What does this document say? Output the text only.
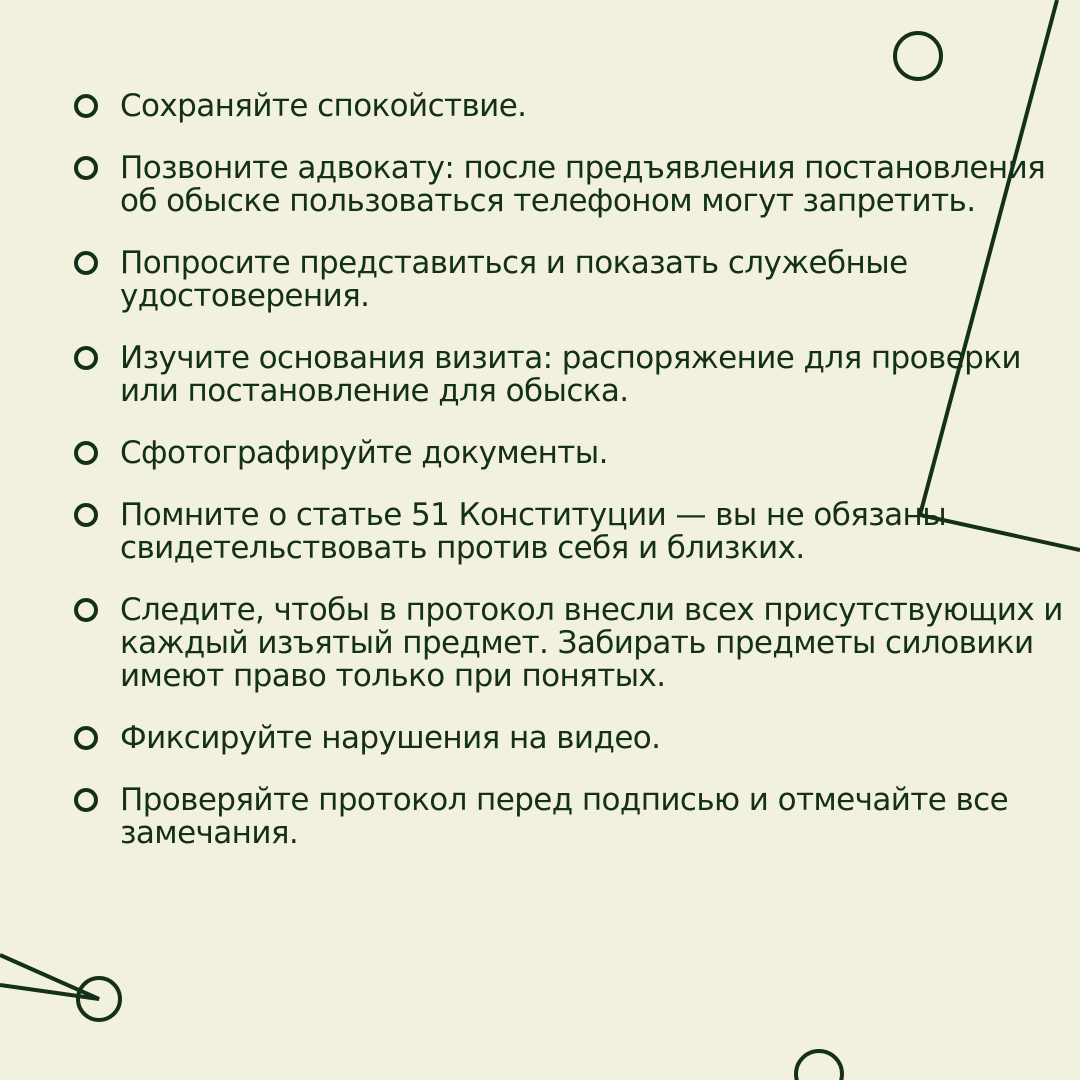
Сохраняйте спокойствие.
Позвоните адвокату: после предъявления постановления об обыске пользоваться телефоном могут запретить.
Попросите представиться и показать служебные удостоверения.
Изучите основания визита: распоряжение для проверки или постановление для обыска.
Сфотографируйте документы.
Помните о статье 51 Конституции — вы не обязаны свидетельствовать против себя и близких.
Следите, чтобы в протокол внесли всех присутствующих и каждый изъятый предмет. Забирать предметы силовики имеют право только при понятых.
Фиксируйте нарушения на видео.
Проверяйте протокол перед подписью и отмечайте все замечания.
